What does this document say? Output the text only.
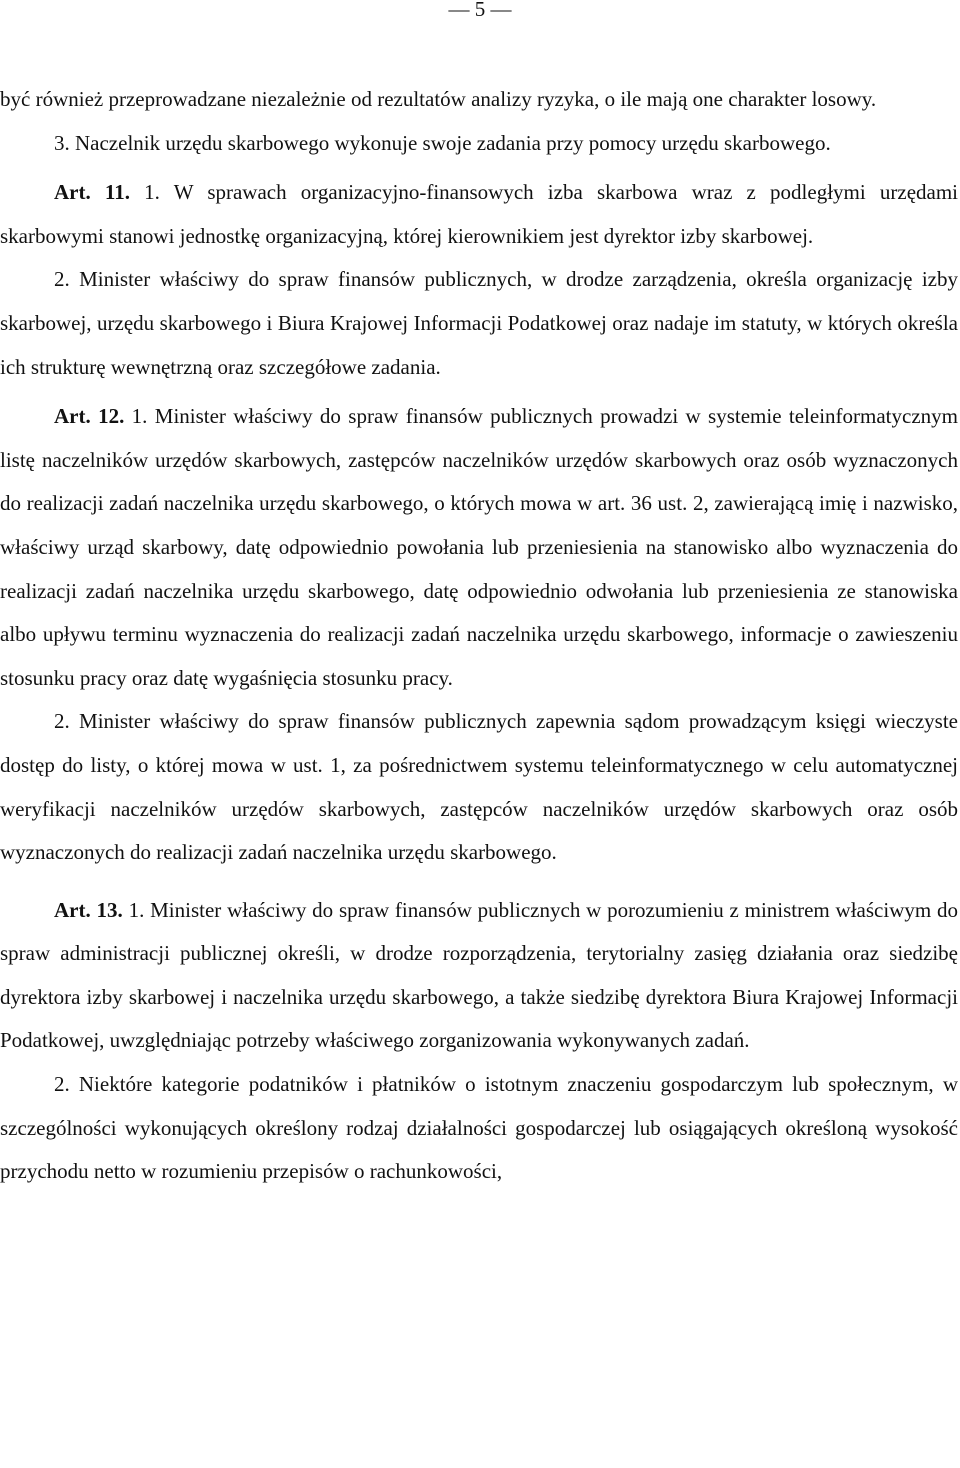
— 5 —

być również przeprowadzane niezależnie od rezultatów analizy ryzyka, o ile mają one charakter losowy.

3. Naczelnik urzędu skarbowego wykonuje swoje zadania przy pomocy urzędu skarbowego.

Art. 11. 1. W sprawach organizacyjno-finansowych izba skarbowa wraz z podległymi urzędami skarbowymi stanowi jednostkę organizacyjną, której kierownikiem jest dyrektor izby skarbowej.

2. Minister właściwy do spraw finansów publicznych, w drodze zarządzenia, określa organizację izby skarbowej, urzędu skarbowego i Biura Krajowej Informacji Podatkowej oraz nadaje im statuty, w których określa ich strukturę wewnętrzną oraz szczegółowe zadania.

Art. 12. 1. Minister właściwy do spraw finansów publicznych prowadzi w systemie teleinformatycznym listę naczelników urzędów skarbowych, zastępców naczelników urzędów skarbowych oraz osób wyznaczonych do realizacji zadań naczelnika urzędu skarbowego, o których mowa w art. 36 ust. 2, zawierającą imię i nazwisko, właściwy urząd skarbowy, datę odpowiednio powołania lub przeniesienia na stanowisko albo wyznaczenia do realizacji zadań naczelnika urzędu skarbowego, datę odpowiednio odwołania lub przeniesienia ze stanowiska albo upływu terminu wyznaczenia do realizacji zadań naczelnika urzędu skarbowego, informacje o zawieszeniu stosunku pracy oraz datę wygaśnięcia stosunku pracy.

2. Minister właściwy do spraw finansów publicznych zapewnia sądom prowadzącym księgi wieczyste dostęp do listy, o której mowa w ust. 1, za pośrednictwem systemu teleinformatycznego w celu automatycznej weryfikacji naczelników urzędów skarbowych, zastępców naczelników urzędów skarbowych oraz osób wyznaczonych do realizacji zadań naczelnika urzędu skarbowego.

Art. 13. 1. Minister właściwy do spraw finansów publicznych w porozumieniu z ministrem właściwym do spraw administracji publicznej określi, w drodze rozporządzenia, terytorialny zasięg działania oraz siedzibę dyrektora izby skarbowej i naczelnika urzędu skarbowego, a także siedzibę dyrektora Biura Krajowej Informacji Podatkowej, uwzględniając potrzeby właściwego zorganizowania wykonywanych zadań.

2. Niektóre kategorie podatników i płatników o istotnym znaczeniu gospodarczym lub społecznym, w szczególności wykonujących określony rodzaj działalności gospodarczej lub osiągających określoną wysokość przychodu netto w rozumieniu przepisów o rachunkowości,
